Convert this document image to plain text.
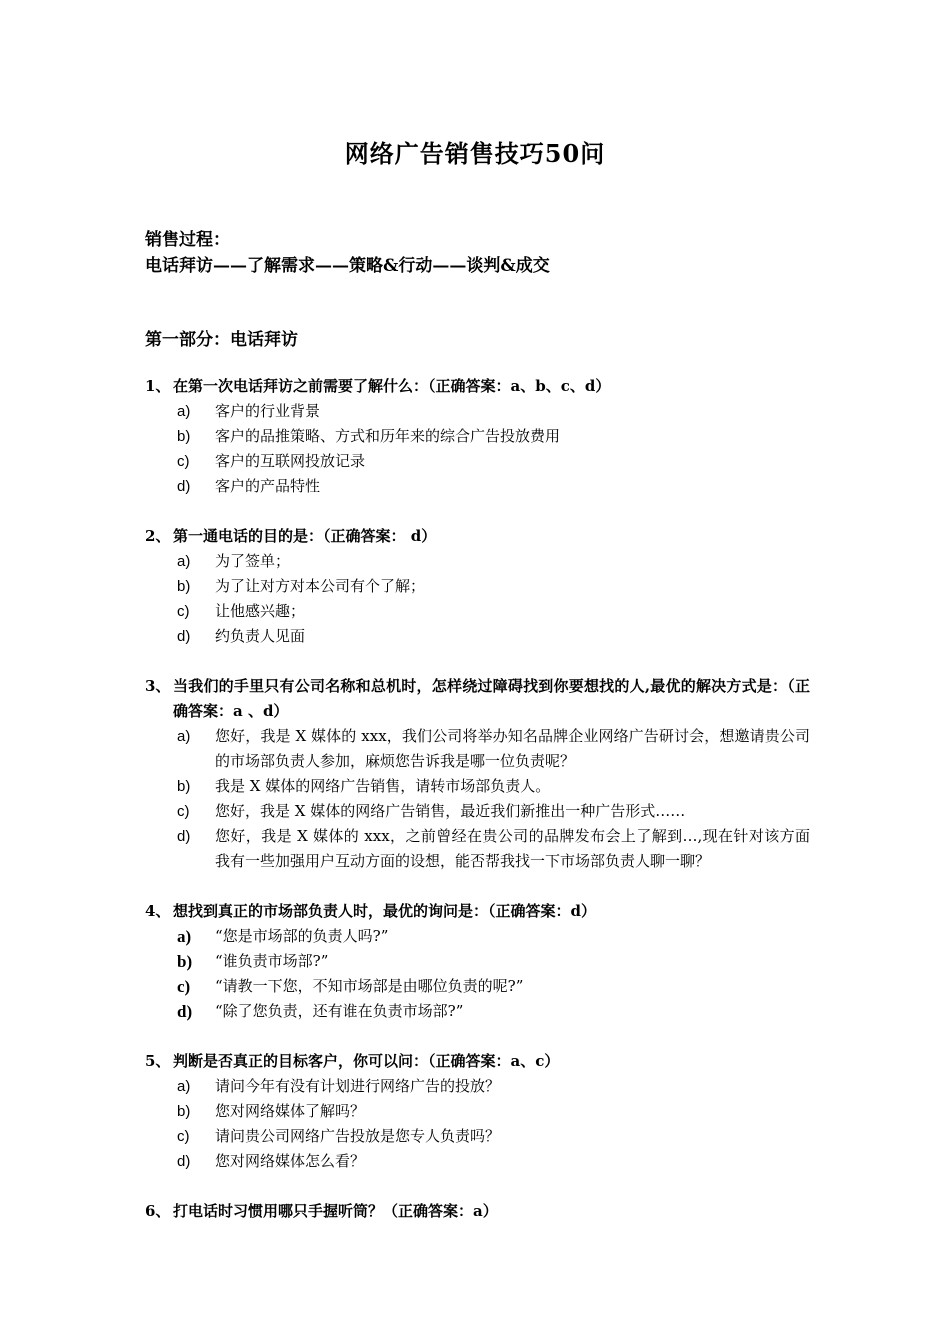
网络广告销售技巧50问
销售过程：
电话拜访——了解需求——策略&行动——谈判&成交
第一部分：电话拜访
1、 在第一次电话拜访之前需要了解什么：（正确答案：a、b、c、d）
a)	客户的行业背景
b)	客户的品推策略、方式和历年来的综合广告投放费用
c)	客户的互联网投放记录
d)	客户的产品特性
2、 第一通电话的目的是：（正确答案： d）
a)	为了签单；
b)	为了让对方对本公司有个了解；
c)	让他感兴趣；
d)	约负责人见面
3、 当我们的手里只有公司名称和总机时，怎样绕过障碍找到你要想找的人,最优的解决方式是：（正确答案：a 、d）
a)	您好，我是 X 媒体的 xxx，我们公司将举办知名品牌企业网络广告研讨会，想邀请贵公司的市场部负责人参加，麻烦您告诉我是哪一位负责呢？
b)	我是 X 媒体的网络广告销售，请转市场部负责人。
c)	您好，我是 X 媒体的网络广告销售，最近我们新推出一种广告形式……
d)	您好，我是 X 媒体的 xxx，之前曾经在贵公司的品牌发布会上了解到…,现在针对该方面我有一些加强用户互动方面的设想，能否帮我找一下市场部负责人聊一聊？
4、 想找到真正的市场部负责人时，最优的询问是：（正确答案：d）
a)	“您是市场部的负责人吗?”
b)	“谁负责市场部?”
c)	“请教一下您，不知市场部是由哪位负责的呢?”
d)	“除了您负责，还有谁在负责市场部?”
5、 判断是否真正的目标客户，你可以问：（正确答案：a、c）
a)	请问今年有没有计划进行网络广告的投放？
b)	您对网络媒体了解吗？
c)	请问贵公司网络广告投放是您专人负责吗？
d)	您对网络媒体怎么看？
6、 打电话时习惯用哪只手握听筒？（正确答案：a）
